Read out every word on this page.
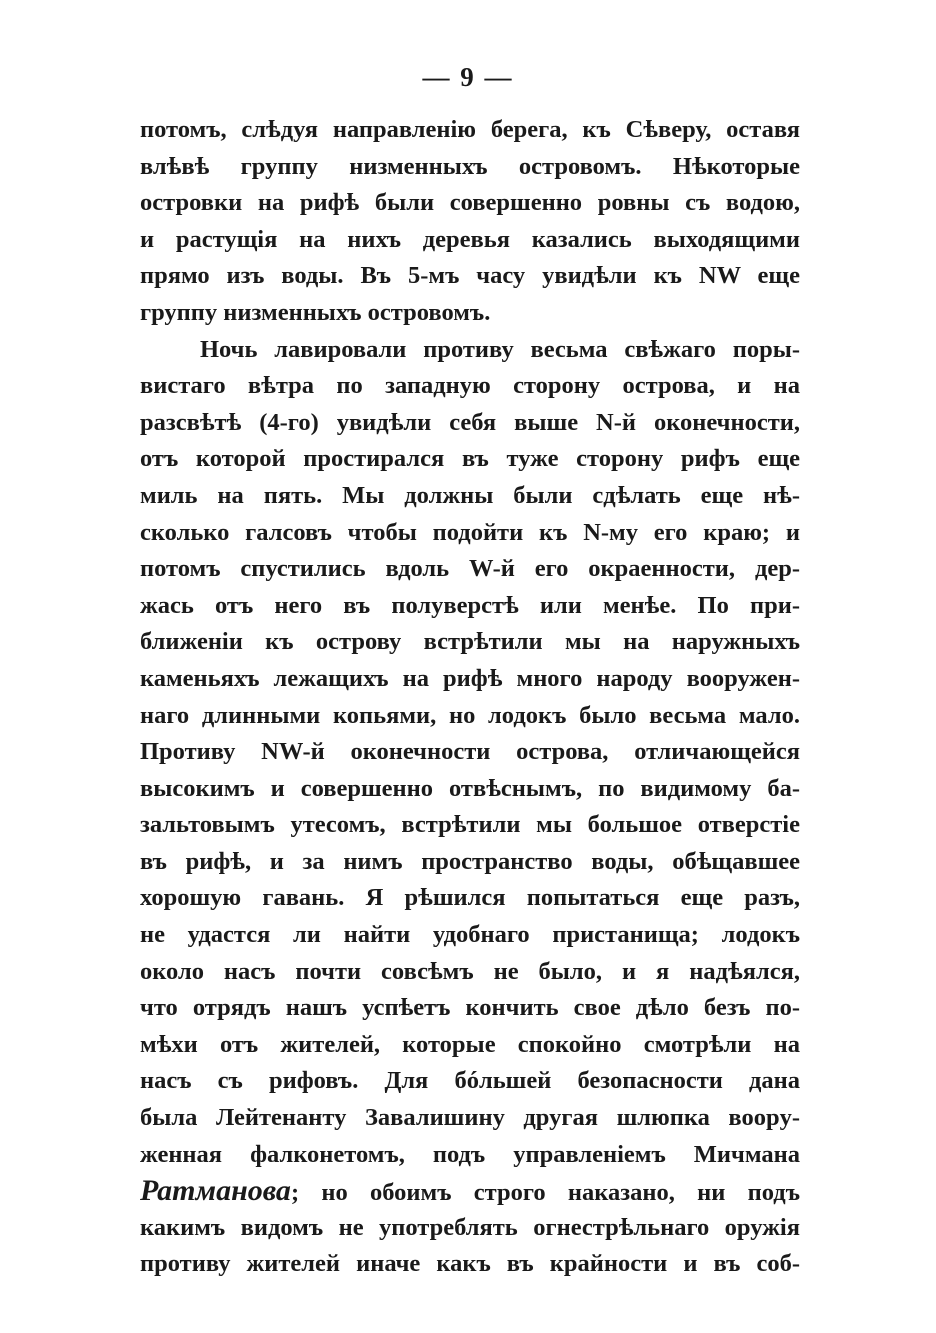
— 9 —
потомъ, слѣдуя направленію берега, къ Сѣверу, оставя
влѣвѣ группу низменныхъ островомъ. Нѣкоторые
островки на рифѣ были совершенно ровны съ водою,
и растущія на нихъ деревья казались выходящими
прямо изъ воды. Въ 5-мъ часу увидѣли къ NW еще
группу низменныхъ островомъ.
Ночь лавировали противу весьма свѣжаго поры-
вистаго вѣтра по западную сторону острова, и на
разсвѣтѣ (4-го) увидѣли себя выше N-й оконечности,
отъ которой простирался въ туже сторону рифъ еще
миль на пять. Мы должны были сдѣлать еще нѣ-
сколько галсовъ чтобы подойти къ N-му его краю; и
потомъ спустились вдоль W-й его окраенности, дер-
жась отъ него въ полуверстѣ или менѣе. По при-
ближеніи къ острову встрѣтили мы на наружныхъ
каменьяхъ лежащихъ на рифѣ много народу вооружен-
наго длинными копьями, но лодокъ было весьма мало.
Противу NW-й оконечности острова, отличающейся
высокимъ и совершенно отвѣснымъ, по видимому ба-
зальтовымъ утесомъ, встрѣтили мы большое отверстіе
въ рифѣ, и за нимъ пространство воды, обѣщавшее
хорошую гавань. Я рѣшился попытаться еще разъ,
не удастся ли найти удобнаго пристанища; лодокъ
около насъ почти совсѣмъ не было, и я надѣялся,
что отрядъ нашъ успѣетъ кончить свое дѣло безъ по-
мѣхи отъ жителей, которые спокойно смотрѣли на
насъ съ рифовъ. Для бóльшей безопасности дана
была Лейтенанту Завалишину другая шлюпка вооpу-
женная фалконетомъ, подъ управленіемъ Мичмана
Ратманова; но обоимъ строго наказано, ни подъ
какимъ видомъ не употреблять огнестрѣльнаго оружія
противу жителей иначе какъ въ крайности и въ соб-
